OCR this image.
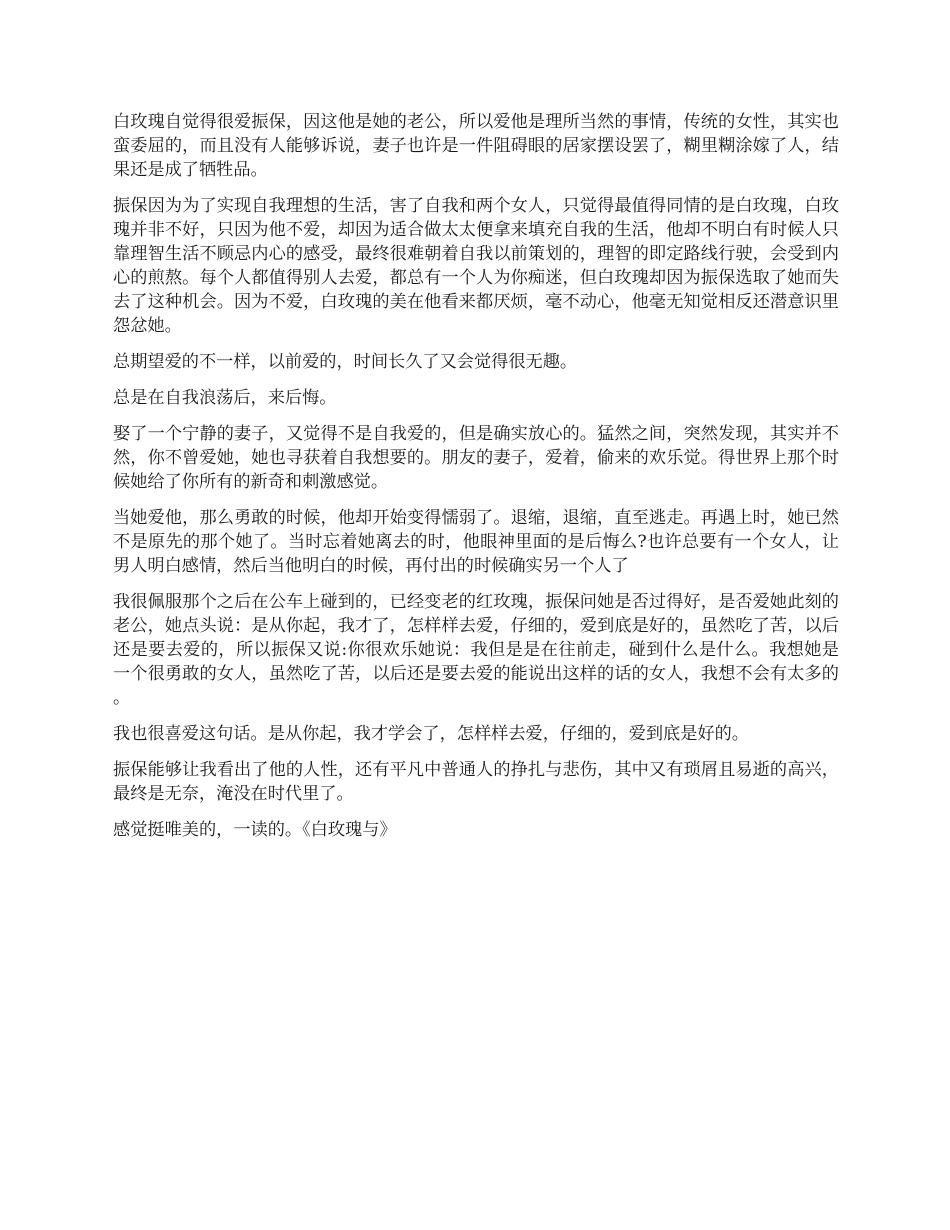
白玫瑰自觉得很爱振保，因这他是她的老公，所以爱他是理所当然的事情，传统的女性，其实也蛮委屈的，而且没有人能够诉说，妻子也许是一件阻碍眼的居家摆设罢了，糊里糊涂嫁了人，结果还是成了牺牲品。

振保因为为了实现自我理想的生活，害了自我和两个女人，只觉得最值得同情的是白玫瑰，白玫瑰并非不好，只因为他不爱，却因为适合做太太便拿来填充自我的生活，他却不明白有时候人只靠理智生活不顾忌内心的感受，最终很难朝着自我以前策划的，理智的即定路线行驶，会受到内心的煎熬。每个人都值得别人去爱，都总有一个人为你痴迷，但白玫瑰却因为振保选取了她而失去了这种机会。因为不爱，白玫瑰的美在他看来都厌烦，毫不动心，他毫无知觉相反还潜意识里怨忿她。

总期望爱的不一样，以前爱的，时间长久了又会觉得很无趣。

总是在自我浪荡后，来后悔。

娶了一个宁静的妻子，又觉得不是自我爱的，但是确实放心的。猛然之间，突然发现，其实并不然，你不曾爱她，她也寻获着自我想要的。朋友的妻子，爱着，偷来的欢乐觉。得世界上那个时候她给了你所有的新奇和刺激感觉。

当她爱他，那么勇敢的时候，他却开始变得懦弱了。退缩，退缩，直至逃走。再遇上时，她已然不是原先的那个她了。当时忘着她离去的时，他眼神里面的是后悔么?也许总要有一个女人，让男人明白感情，然后当他明白的时候，再付出的时候确实另一个人了

我很佩服那个之后在公车上碰到的，已经变老的红玫瑰，振保问她是否过得好，是否爱她此刻的老公，她点头说：是从你起，我才了，怎样样去爱，仔细的，爱到底是好的，虽然吃了苦，以后还是要去爱的，所以振保又说:你很欢乐她说：我但是是在往前走，碰到什么是什么。我想她是一个很勇敢的女人，虽然吃了苦，以后还是要去爱的能说出这样的话的女人，我想不会有太多的。

我也很喜爱这句话。是从你起，我才学会了，怎样样去爱，仔细的，爱到底是好的。

振保能够让我看出了他的人性，还有平凡中普通人的挣扎与悲伤，其中又有琐屑且易逝的高兴，最终是无奈，淹没在时代里了。

感觉挺唯美的，一读的。《白玫瑰与》
